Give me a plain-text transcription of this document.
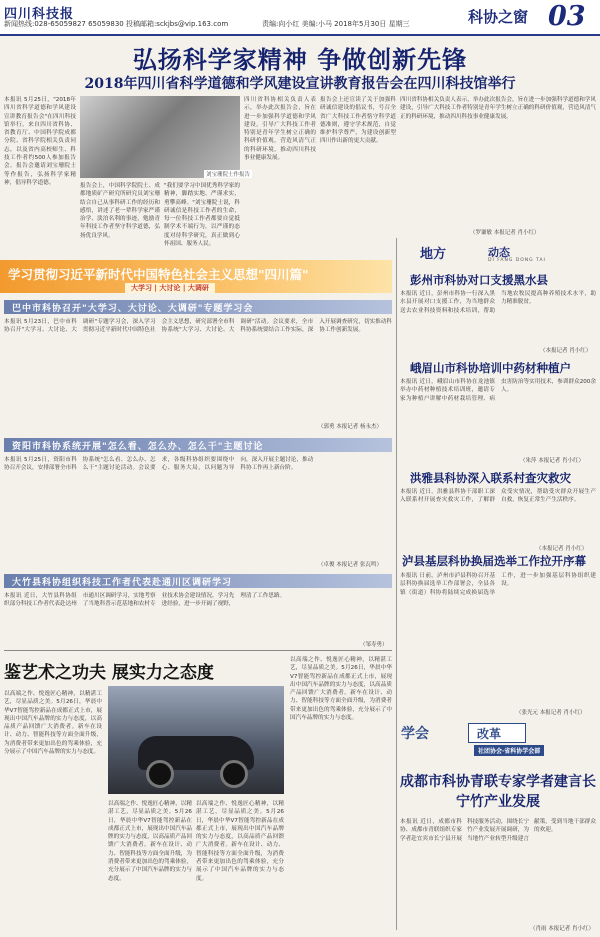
四川科技报
新闻热线:028-65059827 65059830 投稿邮箱:sckjbs@vip.163.com	责编:向小红 美编:小马 2018年5月30日 星期三	科协之窗 03
弘扬科学家精神 争做创新先锋
2018年四川省科学道德和学风建设宣讲教育报告会在四川科技馆举行
本报讯 5月25日，"2018年四川省科学道德和学风建设宣讲教育报告会"在四川科技馆举行。来自四川省科协、省教育厅、中国科学院成都分院、省科学院相关负责同志，以及省内高校师生、科技工作者约500人参加报告会。报告会邀请刘宝珊院士等作报告，弘扬科学家精神，倡导科学道德。
报告会上，中国科学院院士、成都地质矿产研究所研究员刘宝珊结合自己从事科研工作的经历和感悟，讲述了老一辈科学家严谨治学、淡泊名利的事迹，勉励青年科技工作者坚守科学道德，弘扬优良学风。
刘宝珊院士作报告
"我们要学习中国优秀科学家的精神，脚踏实地、严谨求实，勇攀高峰。"刘宝珊院士说，科研诚信是科技工作者的生命，每一位科技工作者都要自觉抵制学术不端行为，以严谨的态度对待科学研究，真正做到心怀祖国、服务人民。
四川省科协相关负责人表示，举办此次报告会，旨在进一步加强科学道德和学风建设，引导广大科技工作者特别是青年学生树立正确的科研价值观，营造风清气正的科研环境，推动四川科技事业健康发展。
报告会上还宣读了关于加强科研诚信建设的倡议书，号召全省广大科技工作者恪守科学道德准则，遵守学术规范，自觉维护科学尊严，为建设创新型四川作出新的更大贡献。
四川省科协相关负责人表示，举办此次报告会，旨在进一步加强科学道德和学风建设，引导广大科技工作者特别是青年学生树立正确的科研价值观，营造风清气正的科研环境，推动四川科技事业健康发展。
（罗谦敏 本报记者 肖小红）
学习贯彻习近平新时代中国特色社会主义思想"四川篇"
大学习 | 大讨论 | 大调研
巴中市科协召开"大学习、大讨论、大调研"专题学习会
本报讯 5月23日，巴中市科协召开"大学习、大讨论、大调研"专题学习会，深入学习贯彻习近平新时代中国特色社会主义思想，研究部署全市科协系统"大学习、大讨论、大调研"活动。会议要求，全市科协系统要结合工作实际，深入开展调查研究，切实推动科协工作创新发展。
（郭勇 本报记者 杨永杰）
资阳市科协系统开展"怎么看、怎么办、怎么干"主题讨论
本报讯 5月25日，资阳市科协召开会议，安排部署全市科协系统"怎么看、怎么办、怎么干"主题讨论活动。会议要求，各级科协组织要围绕中心、服务大局，以问题为导向，深入开展主题讨论，推动科协工作再上新台阶。
（卓俊 本报记者 张瓦鸣）
大竹县科协组织科技工作者代表赴通川区调研学习
本报讯 近日，大竹县科协组织部分科技工作者代表赴达州市通川区调研学习，实地考察了当地科普示范基地和农村专业技术协会建设情况，学习先进经验，进一步开阔了视野，理清了工作思路。
（邹寿勇）
鉴艺术之功夫 展实力之态度
以高端之作、悦逸匠心精神，以精湛工艺，尽显品质之美。5月26日，华晨中华V7智能驾控新品在成都正式上市，展现出中国汽车品牌的实力与态度，以高品质产品回馈广大消费者。新车在设计、动力、智能科技等方面全面升级，为消费者带来更加出色的驾乘体验，充分展示了中国汽车品牌的实力与态度。
以高端之作、悦逸匠心精神，以精湛工艺，尽显品质之美。5月26日，华晨中华V7智能驾控新品在成都正式上市，展现出中国汽车品牌的实力与态度，以高品质产品回馈广大消费者。新车在设计、动力、智能科技等方面全面升级，为消费者带来更加出色的驾乘体验，充分展示了中国汽车品牌的实力与态度。
以高端之作、悦逸匠心精神，以精湛工艺，尽显品质之美。5月26日，华晨中华V7智能驾控新品在成都正式上市，展现出中国汽车品牌的实力与态度，以高品质产品回馈广大消费者。新车在设计、动力、智能科技等方面全面升级，为消费者带来更加出色的驾乘体验，充分展示了中国汽车品牌的实力与态度。
以高端之作、悦逸匠心精神，以精湛工艺，尽显品质之美。5月26日，华晨中华V7智能驾控新品在成都正式上市，展现出中国汽车品牌的实力与态度，以高品质产品回馈广大消费者。新车在设计、动力、智能科技等方面全面升级，为消费者带来更加出色的驾乘体验，充分展示了中国汽车品牌的实力与态度。
地方	动态
DI FANG DONG TAI
彭州市科协对口支援黑水县
本报讯 近日，彭州市科协一行深入黑水县开展对口支援工作，为当地群众送去农业科技资料和技术培训，帮助当地农牧民提高种养殖技术水平，助力精准脱贫。
（本报记者 肖小红）
峨眉山市科协培训中药材种植户
本报讯 近日，峨眉山市科协在龙池镇举办中药材种植技术培训班，邀请专家为种植户讲解中药材栽培管理、病虫害防治等实用技术，参训群众200余人。
（朱萍 本报记者 肖小红）
洪雅县科协深入联系村查灾救灾
本报讯 近日，洪雅县科协干部职工深入联系村开展查灾救灾工作，了解群众受灾情况，帮助受灾群众开展生产自救，恢复正常生产生活秩序。
（本报记者 肖小红）
泸县基层科协换届选举工作拉开序幕
本报讯 日前，泸州市泸县科协召开基层科协换届选举工作部署会，全县各镇（街道）科协将陆续完成换届选举工作，进一步加强基层科协组织建设。
（张光元 本报记者 肖小红）
学会	改革
社团协会·省科协学会部
成都市科协青联专家学者建言长宁竹产业发展
本报讯 近日，成都市科协、成都市青联组织专家学者赴宜宾市长宁县开展科技服务活动，围绕长宁竹产业发展开展调研，为当地竹产业转型升级建言献策，受到当地干部群众的欢迎。
（肖雨 本报记者 肖小红）
